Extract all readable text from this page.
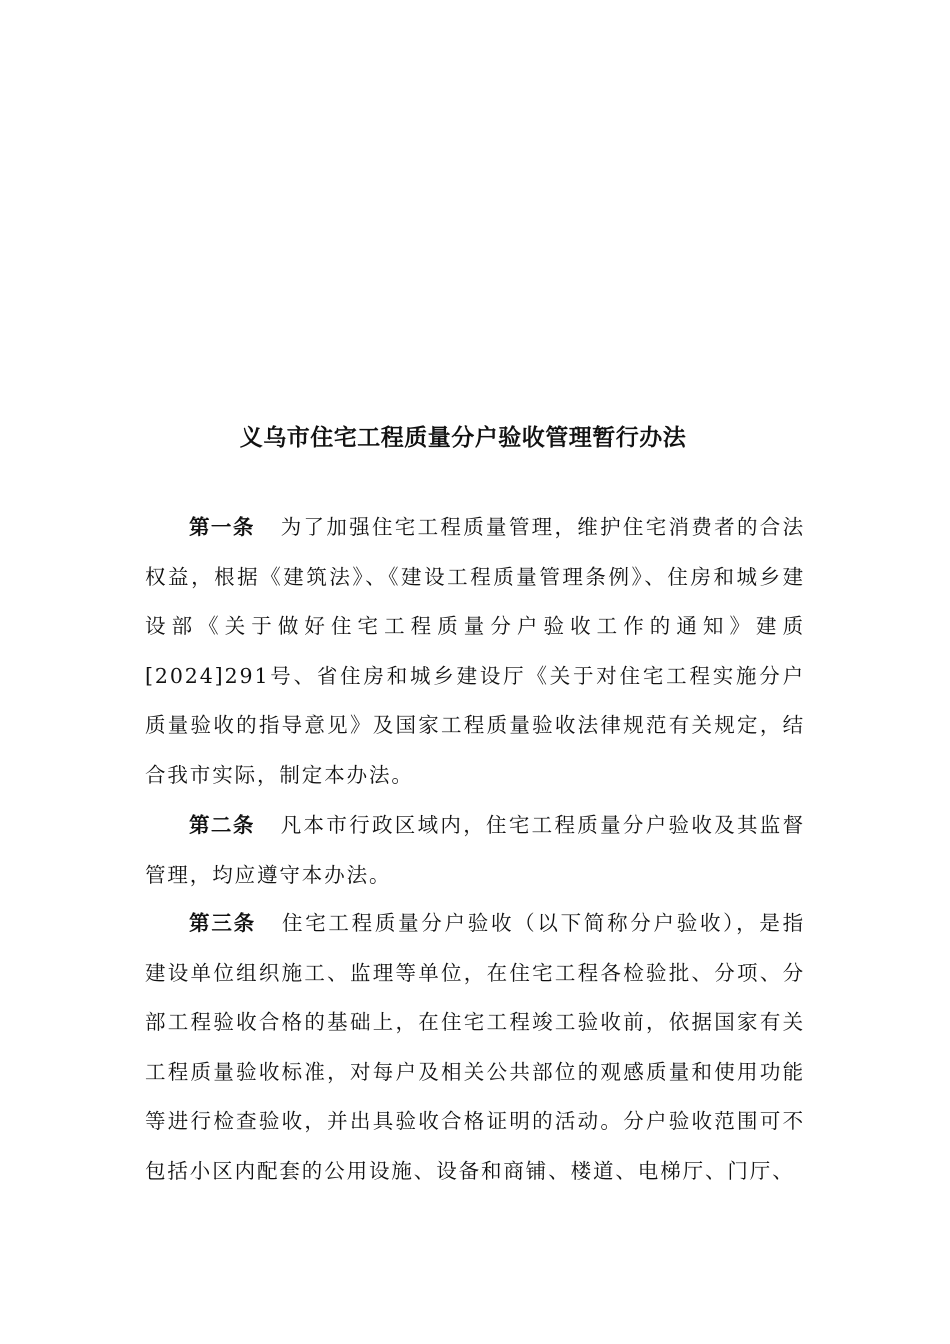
义乌市住宅工程质量分户验收管理暂行办法

第一条 为了加强住宅工程质量管理，维护住宅消费者的合法权益，根据《建筑法》、《建设工程质量管理条例》、住房和城乡建设部《关于做好住宅工程质量分户验收工作的通知》建质[2024]291号、省住房和城乡建设厅《关于对住宅工程实施分户质量验收的指导意见》及国家工程质量验收法律规范有关规定，结合我市实际，制定本办法。

第二条 凡本市行政区域内，住宅工程质量分户验收及其监督管理，均应遵守本办法。

第三条 住宅工程质量分户验收（以下简称分户验收），是指建设单位组织施工、监理等单位，在住宅工程各检验批、分项、分部工程验收合格的基础上，在住宅工程竣工验收前，依据国家有关工程质量验收标准，对每户及相关公共部位的观感质量和使用功能等进行检查验收，并出具验收合格证明的活动。分户验收范围可不包括小区内配套的公用设施、设备和商铺、楼道、电梯厅、门厅、
